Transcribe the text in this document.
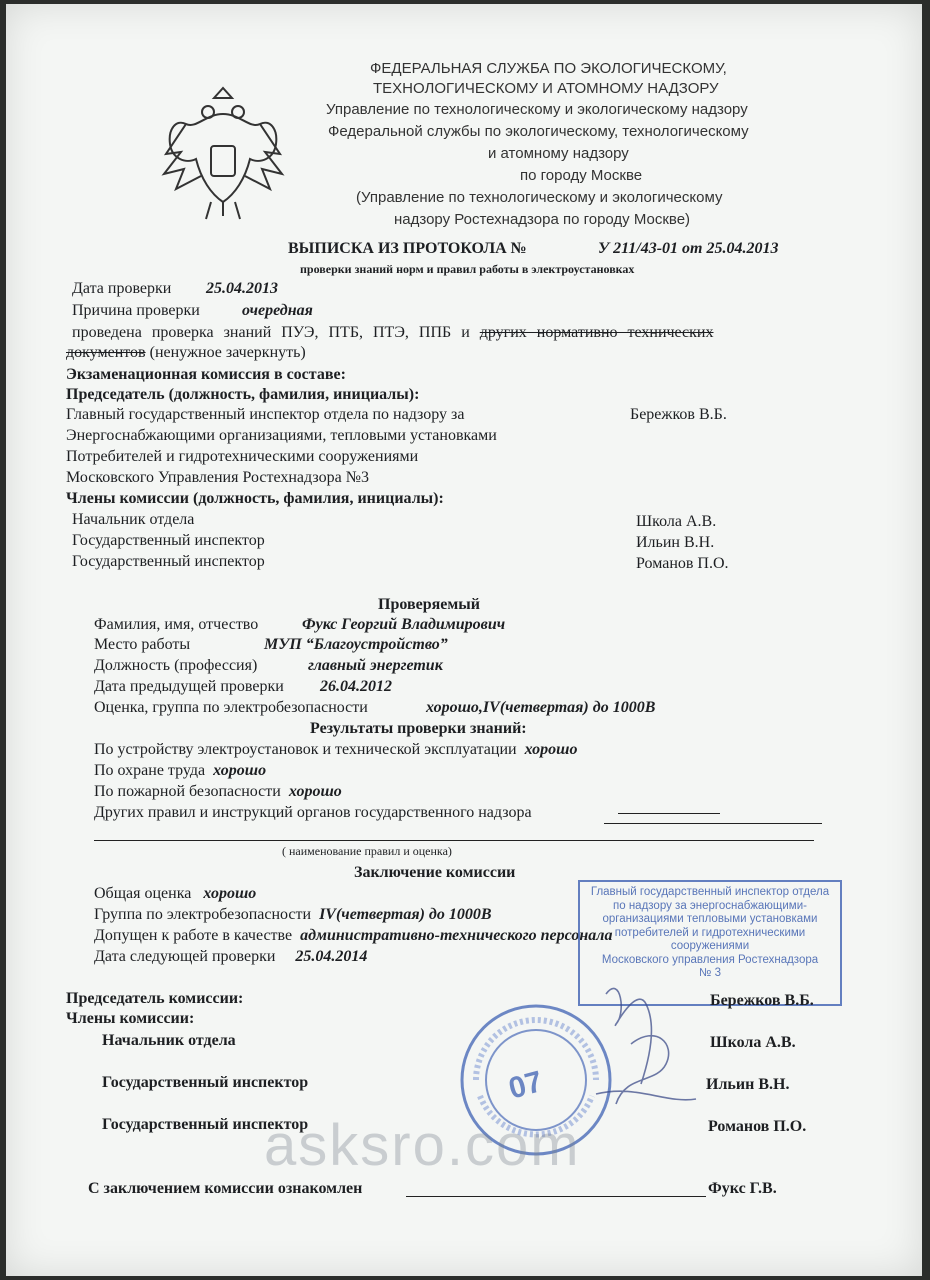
ФЕДЕРАЛЬНАЯ СЛУЖБА ПО ЭКОЛОГИЧЕСКОМУ,
ТЕХНОЛОГИЧЕСКОМУ И АТОМНОМУ НАДЗОРУ
Управление по технологическому и экологическому надзору
Федеральной службы по экологическому, технологическому
и атомному надзору
по городу Москве
(Управление по технологическому и экологическому
надзору Ростехнадзора по городу Москве)
ВЫПИСКА ИЗ ПРОТОКОЛА №	У 211/43-01 от 25.04.2013
проверки знаний норм и правил работы в электроустановках
Дата проверки 25.04.2013
Причина проверки	очередная
проведена проверка знаний ПУЭ, ПТБ, ПТЭ, ППБ и других нормативно технических
документов (ненужное зачеркнуть)
Экзаменационная комиссия в составе:
Председатель (должность, фамилия, инициалы):
Главный государственный инспектор отдела по надзору за
Энергоснабжающими организациями, тепловыми установками
Потребителей и гидротехническими сооружениями
Московского Управления Ростехнадзора №3
Бережков В.Б.
Члены комиссии (должность, фамилия, инициалы):
Начальник отдела	Школа А.В.
Государственный инспектор	Ильин В.Н.
Государственный инспектор	Романов П.О.
Проверяемый
Фамилия, имя, отчество	Фукс Георгий Владимирович
Место работы	МУП “Благоустройство”
Должность (профессия)	главный энергетик
Дата предыдущей проверки 26.04.2012
Оценка, группа по электробезопасности	хорошо,IV(четвертая) до 1000В
Результаты проверки знаний:
По устройству электроустановок и технической эксплуатации хорошо
По охране труда хорошо
По пожарной безопасности хорошо
Других правил и инструкций органов государственного надзора
( наименование правил и оценка)
Заключение комиссии
Общая оценка хорошо
Группа по электробезопасности IV(четвертая) до 1000В
Допущен к работе в качестве административно-технического персонала
Дата следующей проверки 25.04.2014
Главный государственный инспектор отдела
по надзору за энергоснабжающими-
организациями тепловыми установками
потребителей и гидротехническими
сооружениями
Московского управления Ростехнадзора
№ 3
Председатель комиссии:	Бережков В.Б.
Члены комиссии:
Начальник отдела	Школа А.В.
Государственный инспектор	Ильин В.Н.
Государственный инспектор	Романов П.О.
07
asksro.com
С заключением комиссии ознакомлен	Фукс Г.В.
